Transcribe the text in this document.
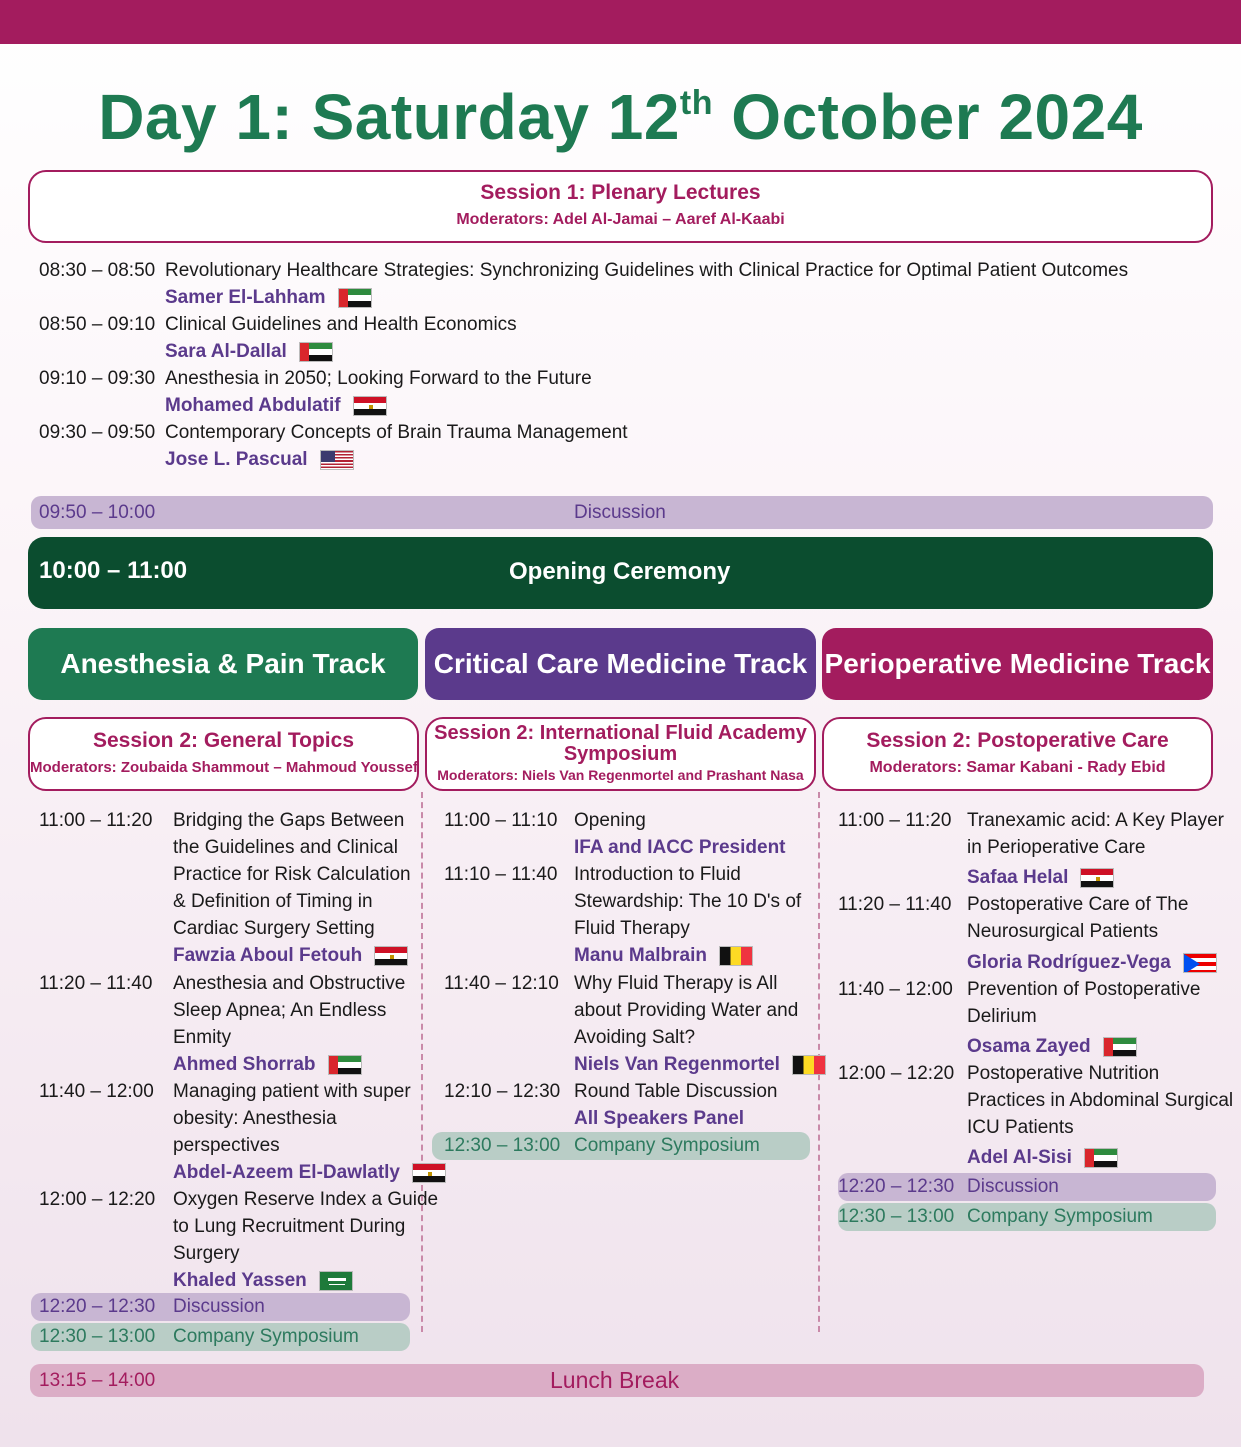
Day 1: Saturday 12th October 2024
Session 1: Plenary Lectures
Moderators: Adel Al-Jamai – Aaref Al-Kaabi
08:30 – 08:50 Revolutionary Healthcare Strategies: Synchronizing Guidelines with Clinical Practice for Optimal Patient Outcomes
Samer El-Lahham
08:50 – 09:10 Clinical Guidelines and Health Economics
Sara Al-Dallal
09:10 – 09:30 Anesthesia in 2050; Looking Forward to the Future
Mohamed Abdulatif
09:30 – 09:50 Contemporary Concepts of Brain Trauma Management
Jose L. Pascual
09:50 – 10:00	Discussion
10:00 – 11:00	Opening Ceremony
Anesthesia & Pain Track Critical Care Medicine Track Perioperative Medicine Track
Session 2: General Topics
Moderators: Zoubaida Shammout – Mahmoud Youssef
Session 2: International Fluid Academy
Symposium
Moderators: Niels Van Regenmortel and Prashant Nasa
Session 2: Postoperative Care
Moderators: Samar Kabani - Rady Ebid
11:00 – 11:20 Bridging the Gaps Between
the Guidelines and Clinical
Practice for Risk Calculation
& Definition of Timing in
Cardiac Surgery Setting
Fawzia Aboul Fetouh
11:20 – 11:40 Anesthesia and Obstructive
Sleep Apnea; An Endless
Enmity
Ahmed Shorrab
11:40 – 12:00 Managing patient with super
obesity: Anesthesia
perspectives
Abdel-Azeem El-Dawlatly
12:00 – 12:20 Oxygen Reserve Index a Guide
to Lung Recruitment During
Surgery
Khaled Yassen
12:20 – 12:30 Discussion
12:30 – 13:00 Company Symposium
11:00 – 11:10 Opening
IFA and IACC President
11:10 – 11:40 Introduction to Fluid
Stewardship: The 10 D's of
Fluid Therapy
Manu Malbrain
11:40 – 12:10 Why Fluid Therapy is All
about Providing Water and
Avoiding Salt?
Niels Van Regenmortel
12:10 – 12:30 Round Table Discussion
All Speakers Panel
12:30 – 13:00 Company Symposium
11:00 – 11:20 Tranexamic acid: A Key Player
in Perioperative Care
Safaa Helal
11:20 – 11:40 Postoperative Care of The
Neurosurgical Patients
Gloria Rodríguez-Vega
11:40 – 12:00 Prevention of Postoperative
Delirium
Osama Zayed
12:00 – 12:20 Postoperative Nutrition
Practices in Abdominal Surgical
ICU Patients
Adel Al-Sisi
12:20 – 12:30 Discussion
12:30 – 13:00 Company Symposium
13:15 – 14:00	Lunch Break
